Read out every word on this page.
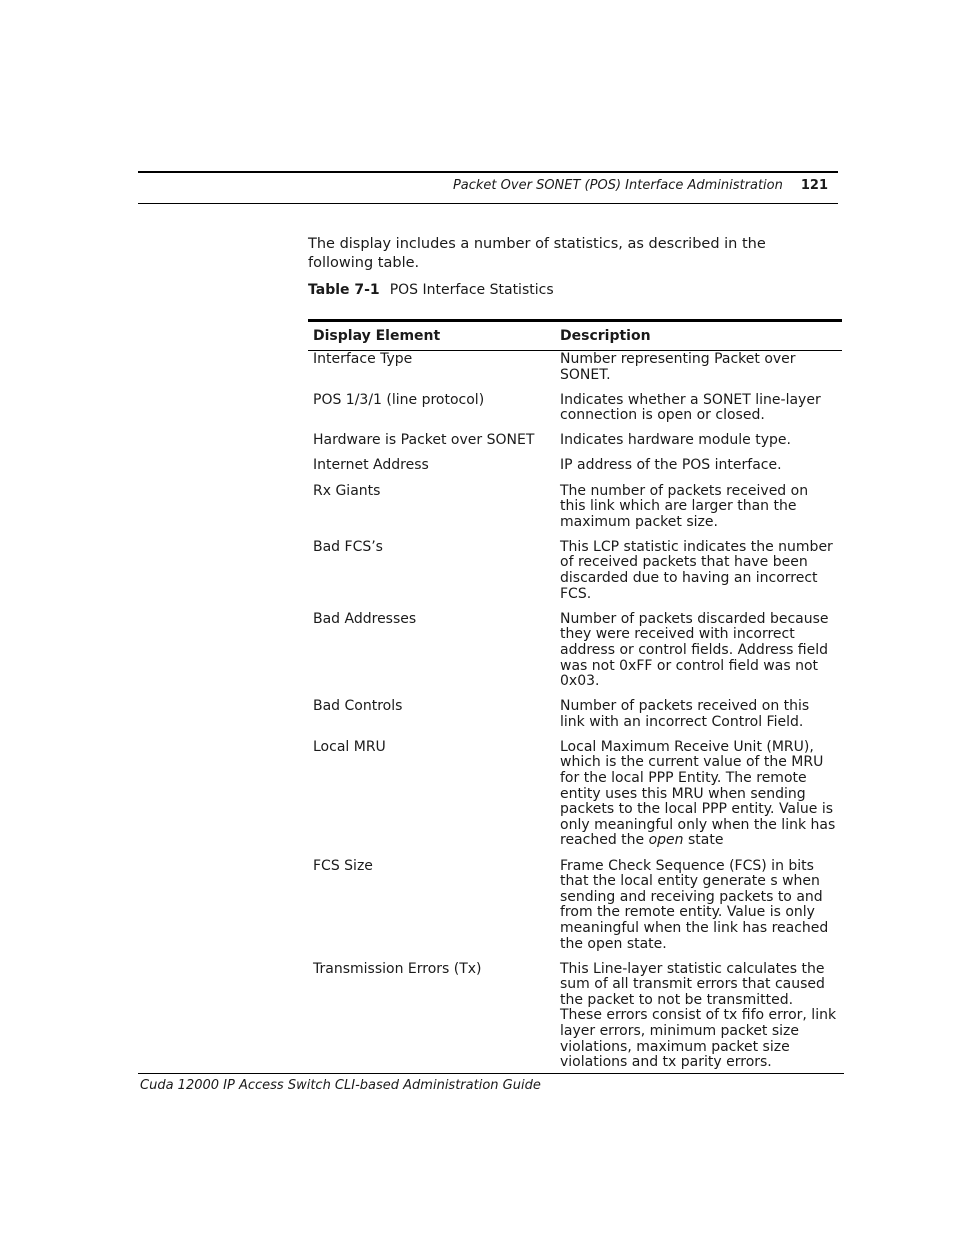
Packet Over SONET (POS) Interface Administration 121

The display includes a number of statistics, as described in the following table.

Table 7-1 POS Interface Statistics
Display Element	Description
Interface Type	Number representing Packet over SONET.
POS 1/3/1 (line protocol)	Indicates whether a SONET line-layer connection is open or closed.
Hardware is Packet over SONET	Indicates hardware module type.
Internet Address	IP address of the POS interface.
Rx Giants	The number of packets received on this link which are larger than the maximum packet size.
Bad FCS’s	This LCP statistic indicates the number of received packets that have been discarded due to having an incorrect FCS.
Bad Addresses	Number of packets discarded because they were received with incorrect address or control fields. Address field was not 0xFF or control field was not 0x03.
Bad Controls	Number of packets received on this link with an incorrect Control Field.
Local MRU	Local Maximum Receive Unit (MRU), which is the current value of the MRU for the local PPP Entity. The remote entity uses this MRU when sending packets to the local PPP entity. Value is only meaningful only when the link has reached the open state
FCS Size	Frame Check Sequence (FCS) in bits that the local entity generate s when sending and receiving packets to and from the remote entity. Value is only meaningful when the link has reached the open state.
Transmission Errors (Tx)	This Line-layer statistic calculates the sum of all transmit errors that caused the packet to not be transmitted. These errors consist of tx fifo error, link layer errors, minimum packet size violations, maximum packet size violations and tx parity errors.
Cuda 12000 IP Access Switch CLI-based Administration Guide
